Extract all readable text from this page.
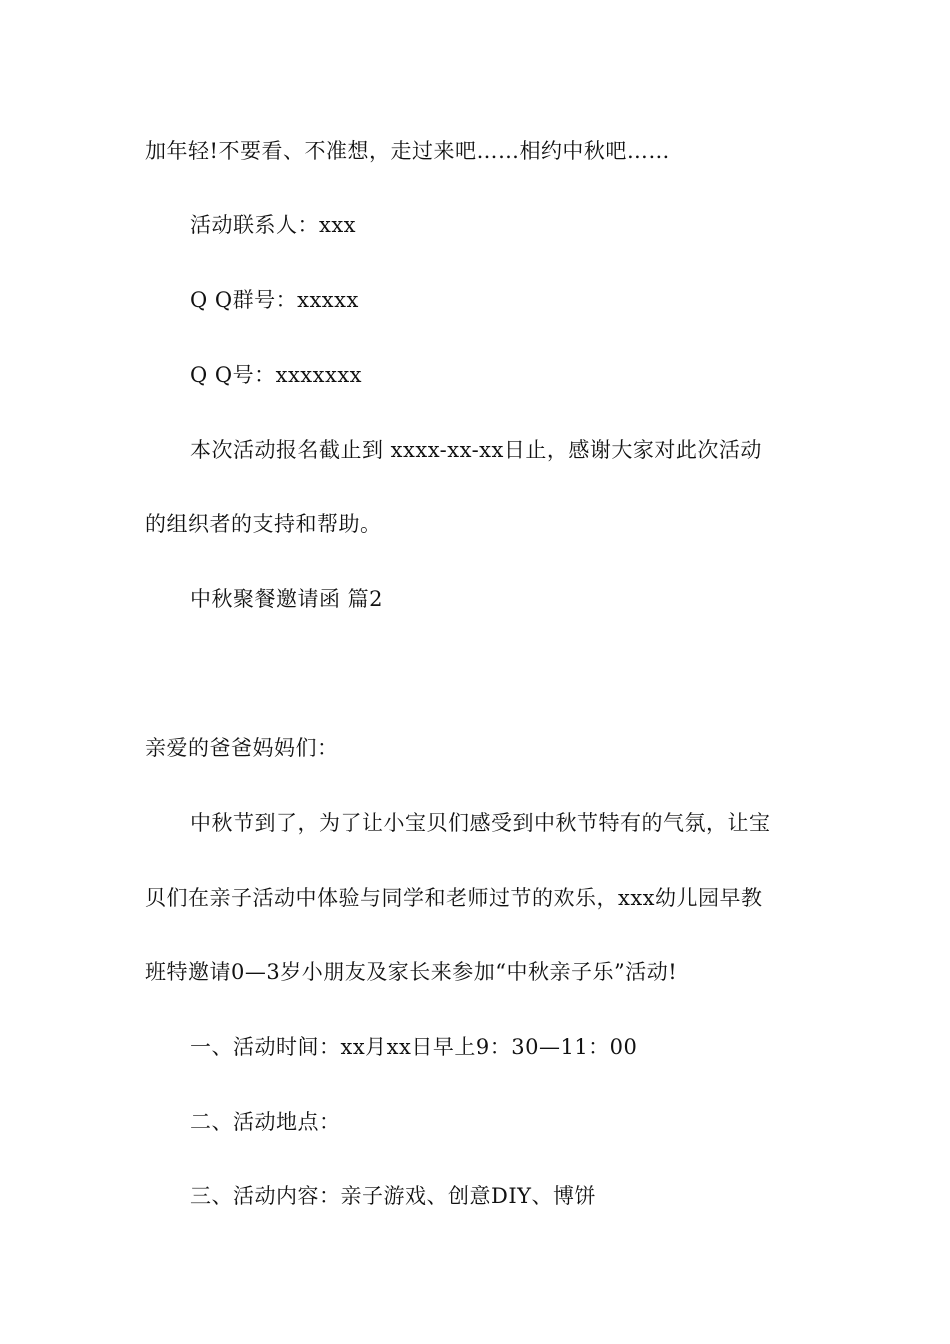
加年轻!不要看、不准想，走过来吧……相约中秋吧……

活动联系人：xxx

Q Q群号：xxxxx

Q Q号：xxxxxxx

本次活动报名截止到 xxxx-xx-xx日止，感谢大家对此次活动

的组织者的支持和帮助。

中秋聚餐邀请函 篇2

亲爱的爸爸妈妈们：

中秋节到了，为了让小宝贝们感受到中秋节特有的气氛，让宝

贝们在亲子活动中体验与同学和老师过节的欢乐，xxx幼儿园早教

班特邀请0—3岁小朋友及家长来参加“中秋亲子乐”活动!

一、活动时间：xx月xx日早上9：30—11：00

二、活动地点：

三、活动内容：亲子游戏、创意DIY、博饼
